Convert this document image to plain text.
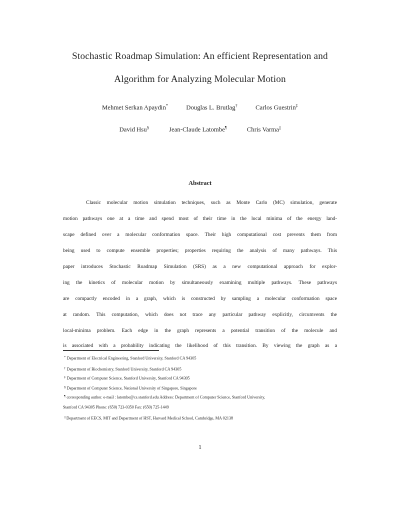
Stochastic Roadmap Simulation: An efficient Representation and
Algorithm for Analyzing Molecular Motion
Mehmet Serkan Apaydin*	Douglas L. Brutlag†	Carlos Guestrin‡
David Hsu§	Jean-Claude Latombe¶	Chris Varma||
Abstract
Classic molecular motion simulation techniques, such as Monte Carlo (MC) simulation, generate
motion pathways one at a time and spend most of their time in the local minima of the energy land-
scape defined over a molecular conformation space. Their high computational cost prevents them from
being used to compute ensemble properties; properties requiring the analysis of many pathways. This
paper introduces Stochastic Roadmap Simulation (SRS) as a new computational approach for explor-
ing the kinetics of molecular motion by simultaneously examining multiple pathways. These pathways
are compactly encoded in a graph, which is constructed by sampling a molecular conformation space
at random. This computation, which does not trace any particular pathway explicitly, circumvents the
local-minima problem. Each edge in the graph represents a potential transition of the molecule and
is associated with a probability indicating the likelihood of this transition. By viewing the graph as a
*Department of Electrical Engineering, Stanford University, Stanford CA 94305
†Department of Biochemistry, Stanford University, Stanford CA 94305
‡Department of Computer Science, Stanford University, Stanford CA 94305
§Department of Computer Science, National University of Singapore, Singapore
¶corresponding author. e-mail : latombe@cs.stanford.edu Address: Department of Computer Science, Stanford University,
Stanford CA 94305 Phone: (650) 723-0350 Fax: (650) 725-1449
||Department of EECS, MIT and Department of HST, Harvard Medical School, Cambridge, MA 02138
1
